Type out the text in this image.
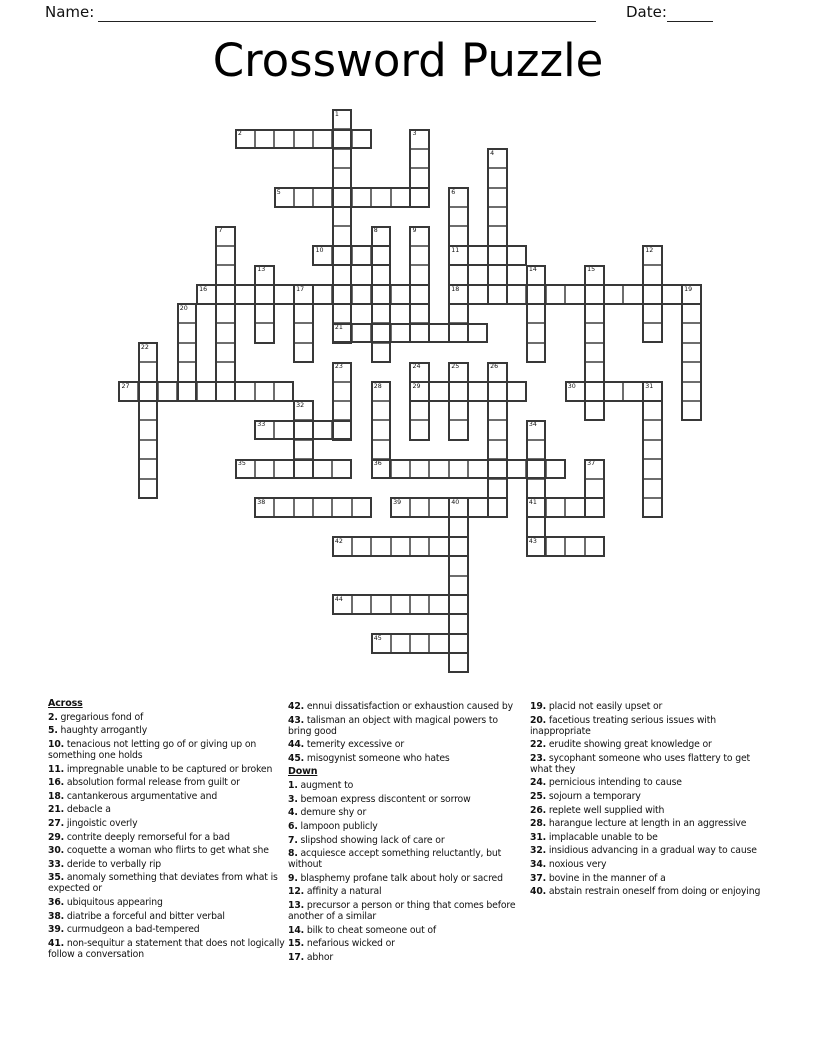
Name:	Date:
Crossword Puzzle
1
21
2	3
4
5	6
11
18
7	8	9
10	12
13	14	15
16	17	19
20
22
23	24
29
25	26
27	28
36
30	31
32
33	34
41
43
35	37
38	39	40
42
44
45
Across
2. gregarious fond of
5. haughty arrogantly
10. tenacious not letting go of or giving up on something one holds
11. impregnable unable to be captured or broken
16. absolution formal release from guilt or
18. cantankerous argumentative and
21. debacle a
27. jingoistic overly
29. contrite deeply remorseful for a bad
30. coquette a woman who flirts to get what she
33. deride to verbally rip
35. anomaly something that deviates from what is expected or
36. ubiquitous appearing
38. diatribe a forceful and bitter verbal
39. curmudgeon a bad-tempered
41. non-sequitur a statement that does not logically follow a conversation
42. ennui dissatisfaction or exhaustion caused by
43. talisman an object with magical powers to bring good
44. temerity excessive or
45. misogynist someone who hates
Down
1. augment to
3. bemoan express discontent or sorrow
4. demure shy or
6. lampoon publicly
7. slipshod showing lack of care or
8. acquiesce accept something reluctantly, but without
9. blasphemy profane talk about holy or sacred
12. affinity a natural
13. precursor a person or thing that comes before another of a similar
14. bilk to cheat someone out of
15. nefarious wicked or
17. abhor
19. placid not easily upset or
20. facetious treating serious issues with inappropriate
22. erudite showing great knowledge or
23. sycophant someone who uses flattery to get what they
24. pernicious intending to cause
25. sojourn a temporary
26. replete well supplied with
28. harangue lecture at length in an aggressive
31. implacable unable to be
32. insidious advancing in a gradual way to cause
34. noxious very
37. bovine in the manner of a
40. abstain restrain oneself from doing or enjoying
